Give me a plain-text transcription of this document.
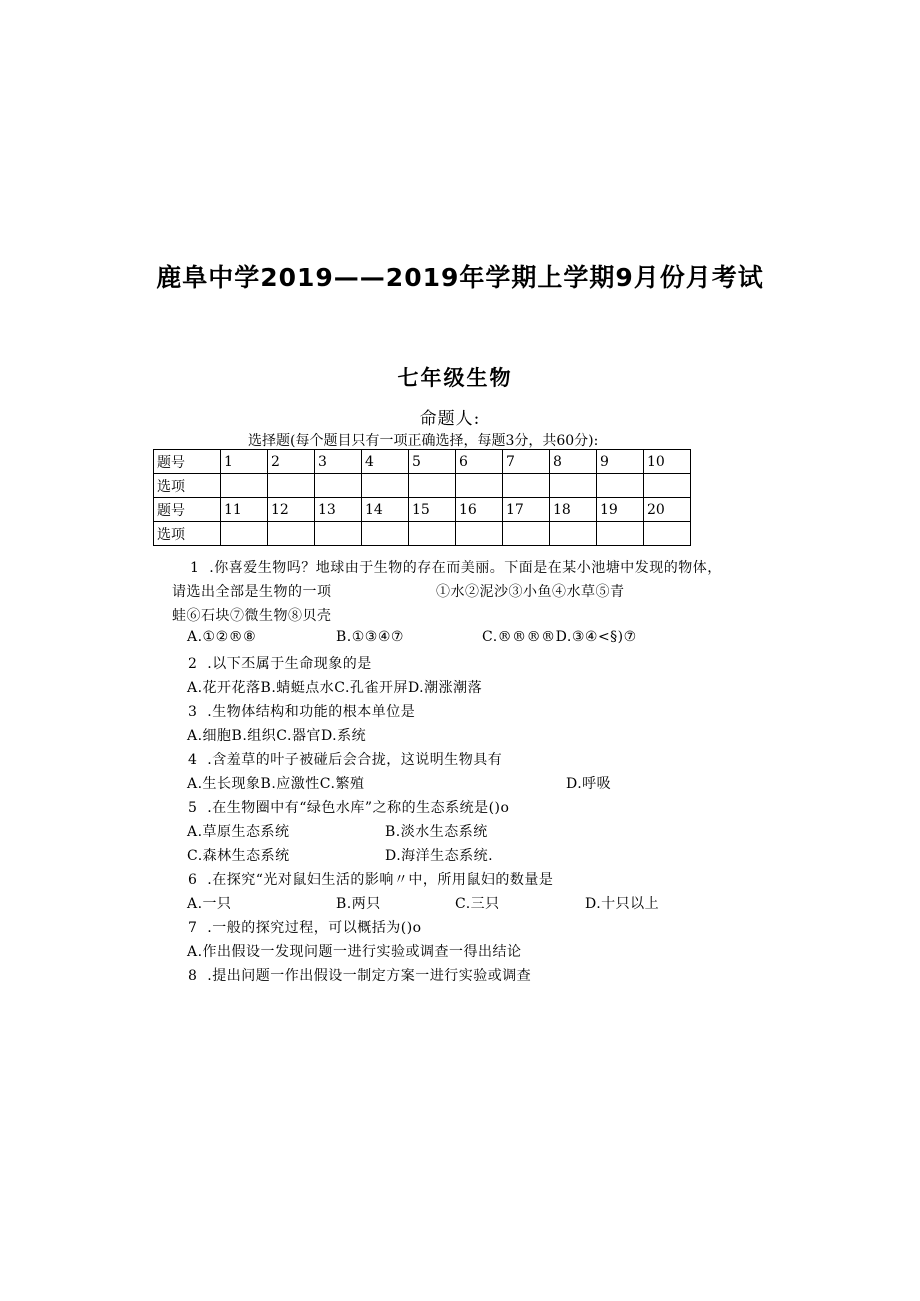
鹿阜中学2019——2019年学期上学期9月份月考试
七年级生物
命题人:
选择题(每个题目只有一项正确选择，每题3分，共60分):
题号	1	2	3	4	5	6	7	8	9	10
选项										
题号	11	12	13	14	15	16	17	18	19	20
选项										
1  .你喜爱生物吗？地球由于生物的存在而美丽。下面是在某小池塘中发现的物体，
请选出全部是生物的一项	①水②泥沙③小鱼④水草⑤青
蛙⑥石块⑦微生物⑧贝壳
A.①②®⑧	B.①③④⑦	C.®®®®D.③④<§)⑦
2  .以下丕属于生命现象的是
A.花开花落B.蜻蜓点水C.孔雀开屏D.潮涨潮落
3  .生物体结构和功能的根本单位是
A.细胞B.组织C.器官D.系统
4  .含羞草的叶子被碰后会合拢，这说明生物具有
A.生长现象B.应激性C.繁殖	D.呼吸
5  .在生物圈中有“绿色水库”之称的生态系统是()o
A.草原生态系统	B.淡水生态系统
C.森林生态系统	D.海洋生态系统.
6  .在探究“光对鼠妇生活的影响〃中，所用鼠妇的数量是
A.一只	B.两只	C.三只	D.十只以上
7  .一般的探究过程，可以概括为()o
A.作出假设一发现问题一进行实验或调查一得出结论
8  .提出问题一作出假设一制定方案一进行实验或调查
